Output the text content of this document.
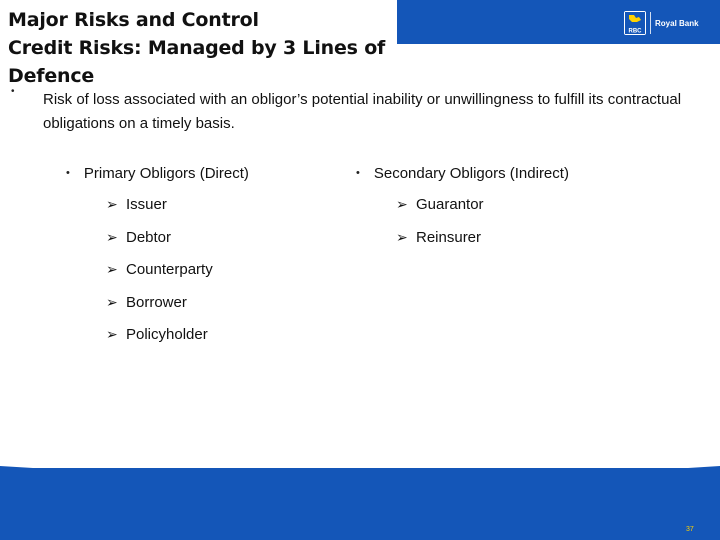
RBC
Royal Bank
Major Risks and Control
Credit Risks: Managed by 3 Lines of
Defence
• Risk of loss associated with an obligor’s potential inability or unwillingness to fulfill its contractual obligations on a timely basis.
• Primary Obligors (Direct)
➢ Issuer
➢ Debtor
➢ Counterparty
➢ Borrower
➢ Policyholder
• Secondary Obligors (Indirect)
➢ Guarantor
➢ Reinsurer
37
